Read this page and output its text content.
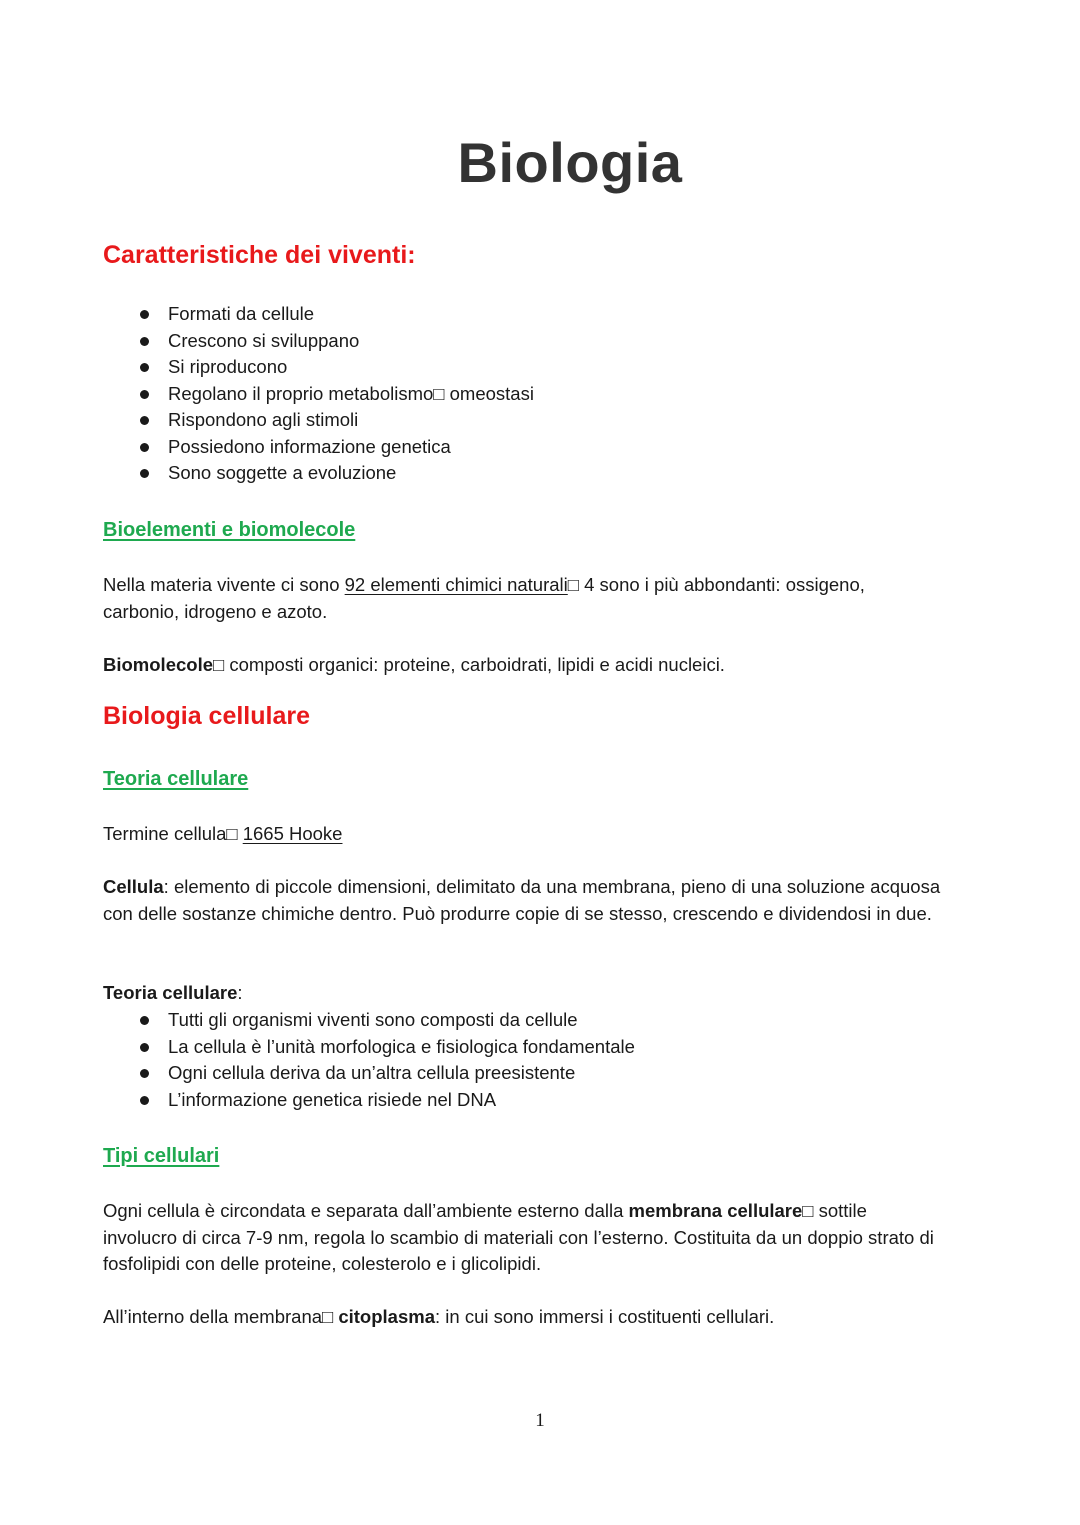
Biologia
Caratteristiche dei viventi:
Formati da cellule
Crescono si sviluppano
Si riproducono
Regolano il proprio metabolismo□ omeostasi
Rispondono agli stimoli
Possiedono informazione genetica
Sono soggette a evoluzione
Bioelementi e biomolecole

Nella materia vivente ci sono 92 elementi chimici naturali□ 4 sono i più abbondanti: ossigeno, carbonio, idrogeno e azoto.

Biomolecole□ composti organici: proteine, carboidrati, lipidi e acidi nucleici.

Biologia cellulare
Teoria cellulare

Termine cellula□ 1665 Hooke

Cellula: elemento di piccole dimensioni, delimitato da una membrana, pieno di una soluzione acquosa con delle sostanze chimiche dentro. Può produrre copie di se stesso, crescendo e dividendosi in due.

Teoria cellulare:

Tutti gli organismi viventi sono composti da cellule
La cellula è l’unità morfologica e fisiologica fondamentale
Ogni cellula deriva da un’altra cellula preesistente
L’informazione genetica risiede nel DNA
Tipi cellulari

Ogni cellula è circondata e separata dall’ambiente esterno dalla membrana cellulare□ sottile involucro di circa 7-9 nm, regola lo scambio di materiali con l’esterno. Costituita da un doppio strato di fosfolipidi con delle proteine, colesterolo e i glicolipidi.

All’interno della membrana□ citoplasma: in cui sono immersi i costituenti cellulari.

1
